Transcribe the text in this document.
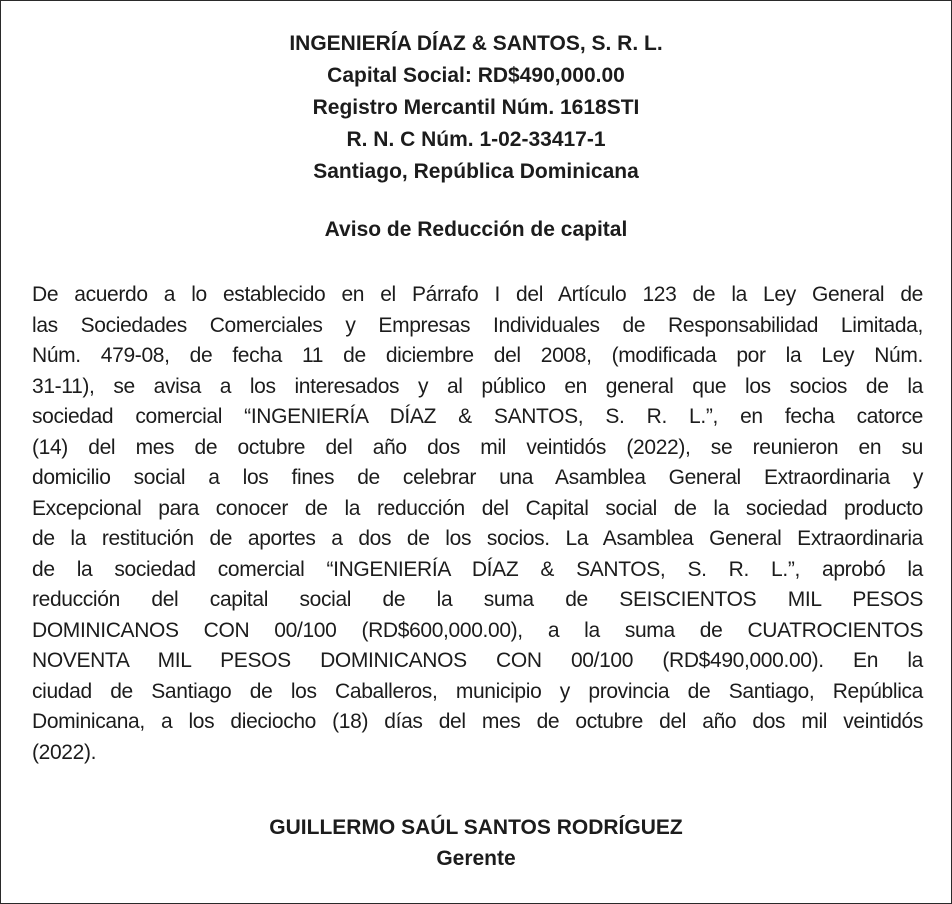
INGENIERÍA DÍAZ & SANTOS, S. R. L.
Capital Social: RD$490,000.00
Registro Mercantil Núm. 1618STI
R. N. C Núm. 1-02-33417-1
Santiago, República Dominicana
Aviso de Reducción de capital
De acuerdo a lo establecido en el Párrafo I del Artículo 123 de la Ley General de
las Sociedades Comerciales y Empresas Individuales de Responsabilidad Limitada,
Núm. 479-08, de fecha 11 de diciembre del 2008, (modificada por la Ley Núm.
31-11), se avisa a los interesados y al público en general que los socios de la
sociedad comercial “INGENIERÍA DÍAZ & SANTOS, S. R. L.”, en fecha catorce
(14) del mes de octubre del año dos mil veintidós (2022), se reunieron en su
domicilio social a los fines de celebrar una Asamblea General Extraordinaria y
Excepcional para conocer de la reducción del Capital social de la sociedad producto
de la restitución de aportes a dos de los socios. La Asamblea General Extraordinaria
de la sociedad comercial “INGENIERÍA DÍAZ & SANTOS, S. R. L.”, aprobó la
reducción del capital social de la suma de SEISCIENTOS MIL PESOS
DOMINICANOS CON 00/100 (RD$600,000.00), a la suma de CUATROCIENTOS
NOVENTA MIL PESOS DOMINICANOS CON 00/100 (RD$490,000.00). En la
ciudad de Santiago de los Caballeros, municipio y provincia de Santiago, República
Dominicana, a los dieciocho (18) días del mes de octubre del año dos mil veintidós
(2022).
GUILLERMO SAÚL SANTOS RODRÍGUEZ
Gerente
